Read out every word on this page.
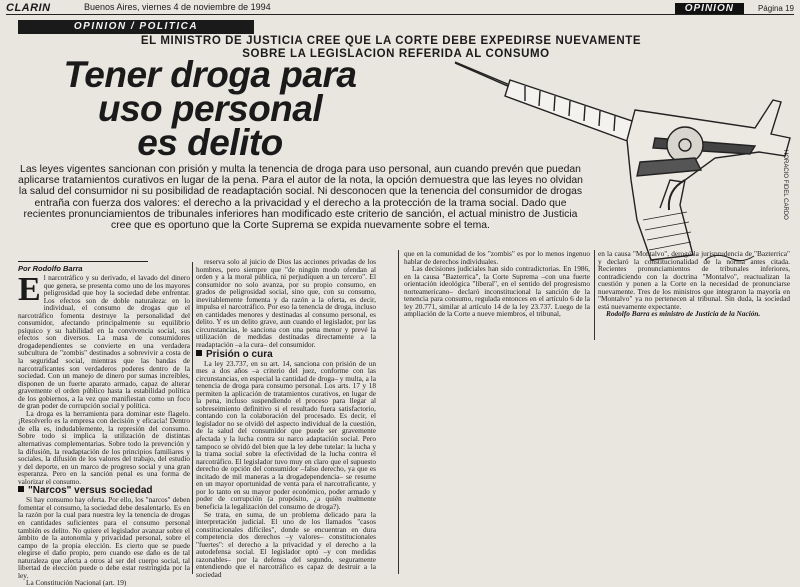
CLARIN	Buenos Aires, viernes 4 de noviembre de 1994	OPINION	Página 19
OPINION / POLITICA
EL MINISTRO DE JUSTICIA CREE QUE LA CORTE DEBE EXPEDIRSE NUEVAMENTE
SOBRE LA LEGISLACION REFERIDA AL CONSUMO
Tener droga para
uso personal
es delito
HORACIO FIDEL CARDO
Las leyes vigentes sancionan con prisión y multa la tenencia de droga para uso personal, aun cuando prevén que puedan aplicarse tratamientos curativos en lugar de la pena. Para el autor de la nota, la opción demuestra que las leyes no olvidan la salud del consumidor ni su posibilidad de readaptación social. Ni desconocen que la tenencia del consumidor de drogas entraña con fuerza dos valores: el derecho a la privacidad y el derecho a la protección de la trama social. Dado que recientes pronunciamientos de tribunales inferiores han modificado este criterio de sanción, el actual ministro de Justicia cree que es oportuno que la Corte Suprema se expida nuevamente sobre el tema.
Por Rodolfo Barra

El narcotráfico y su derivado, el lavado del dinero que genera, se presenta como uno de los mayores peligrosidad que hoy la sociedad debe enfrentar. Los efectos son de doble naturaleza: en lo individual, el consumo de drogas que el narcotráfico fomenta destruye la personalidad del consumidor, afectando principalmente su equilibrio psíquico y su habilidad en la convivencia social, sus efectos son diversos. La masa de consumidores drogadependientes se convierte en una verdadera subcultura de "zombis" destinados a sobrevivir a costa de la seguridad social, mientras que las bandas de narcotraficantes son verdaderos poderes dentro de la sociedad. Con un manejo de dinero por sumas increíbles, disponen de un fuerte aparato armado, capaz de alterar gravemente el orden público hasta la estabilidad política de los gobiernos, a la vez que manifiestan como un foco de gran poder de corrupción social y política.

La droga es la herramienta para dominar este flagelo. ¡Resolverlo es la empresa con decisión y eficacia! Dentro de ella es, indudablemente, la represión del consumo. Sobre todo si implica la utilización de distintas alternativas complementarias. Sobre todo la prevención y la difusión, la readaptación de los principios familiares y sociales, la difusión de los valores del trabajo, del estudio y del deporte, en un marco de progreso social y una gran esperanza. Pero en la sanción penal es una forma de valorizar el consumo.

"Narcos" versus sociedad

Si hay consumo hay oferta. Por ello, los "narcos" deben fomentar el consumo, la sociedad debe desalentarlo. Es en la razón por la cual para nuestra ley la tenencia de drogas en cantidades suficientes para el consumo personal también es delito. No quiere el legislador avanzar sobre el ámbito de la autonomía y privacidad personal, sobre el campo de la propia elección. Es cierto que se puede elegirse el daño propio, pero cuando ese daño es de tal naturaleza que afecta a otros al ser del cuerpo social, tal libertad de elección puede o debe estar restringida por la ley.

La Constitución Nacional (art. 19)

reserva solo al juicio de Dios las acciones privadas de los hombres, pero siempre que "de ningún modo ofendan al orden y a la moral pública, ni perjudiquen a un tercero". El consumidor no solo avanza, por su propio consumo, en grados de peligrosidad social, sino que, con su consumo, inevitablemente fomenta y da razón a la oferta, es decir, impulsa el narcotráfico. Por eso la tenencia de droga, incluso en cantidades menores y destinadas al consumo personal, es delito. Y es un delito grave, aun cuando el legislador, por las circunstancias, le sanciona con una pena menor y prevé la utilización de medidas destinadas directamente a la readaptación –a la cura– del consumidor.

Prisión o cura

La ley 23.737, en su art. 14, sanciona con prisión de un mes a dos años –a criterio del juez, conforme con las circunstancias, en especial la cantidad de droga– y multa, a la tenencia de droga para consumo personal. Los arts. 17 y 18 permiten la aplicación de tratamientos curativos, en lugar de la pena, incluso suspendiendo el proceso para llegar al sobreseimiento definitivo si el resultado fuera satisfactorio, contando con la colaboración del procesado. Es decir, el legislador no se olvidó del aspecto individual de la cuestión, de la salud del consumidor que puede ser gravemente afectada y la lucha contra su narco adaptación social. Pero tampoco se olvidó del bien que la ley debe tutelar: la lucha y la trama social sobre la efectividad de la lucha contra el narcotráfico. El legislador tuvo muy en claro que el supuesto derecho de opción del consumidor –falso derecho, ya que es incitado de mil maneras a la drogadependencia– se resume en un mayor oportunidad de venta para el narcotraficante, y por lo tanto en su mayor poder económico, poder armado y poder de corrupción (a propósito, ¿a quién realmente beneficia la legalización del consumo de droga?).

Se trata, en suma, de un problema delicado para la interpretación judicial. El uno de los llamados "casos constitucionales difíciles", donde se encuentran en dura competencia dos derechos –y valores– constitucionales "fuertes": el derecho a la privacidad y el derecho a la autodefensa social. El legislador optó –y con medidas razonables– por la defensa del segundo, seguramente entendiendo que el narcotráfico es capaz de destruir a la sociedad

que en la comunidad de los "zombis" es por lo menos ingenuo hablar de derechos individuales.

Las decisiones judiciales han sido contradictorias. En 1986, en la causa "Bazterrica", la Corte Suprema –con una fuerte orientación ideológica "liberal", en el sentido del progresismo norteamericano– declaró inconstitucional la sanción de la tenencia para consumo, regulada entonces en el artículo 6 de la ley 20.771, similar al artículo 14 de la ley 23.737. Luego de la ampliación de la Corte a nueve miembros, el tribunal,

en la causa "Montalvo", derogó la jurisprudencia de "Bazterrica" y declaró la constitucionalidad de la norma antes citada. Recientes pronunciamientos de tribunales inferiores, contradiciendo con la doctrina "Montalvo", reactualizan la cuestión y ponen a la Corte en la necesidad de pronunciarse nuevamente. Tres de los ministros que integraron la mayoría en "Montalvo" ya no pertenecen al tribunal. Sin duda, la sociedad está nuevamente expectante.

Rodolfo Barra es ministro de Justicia de la Nación.
